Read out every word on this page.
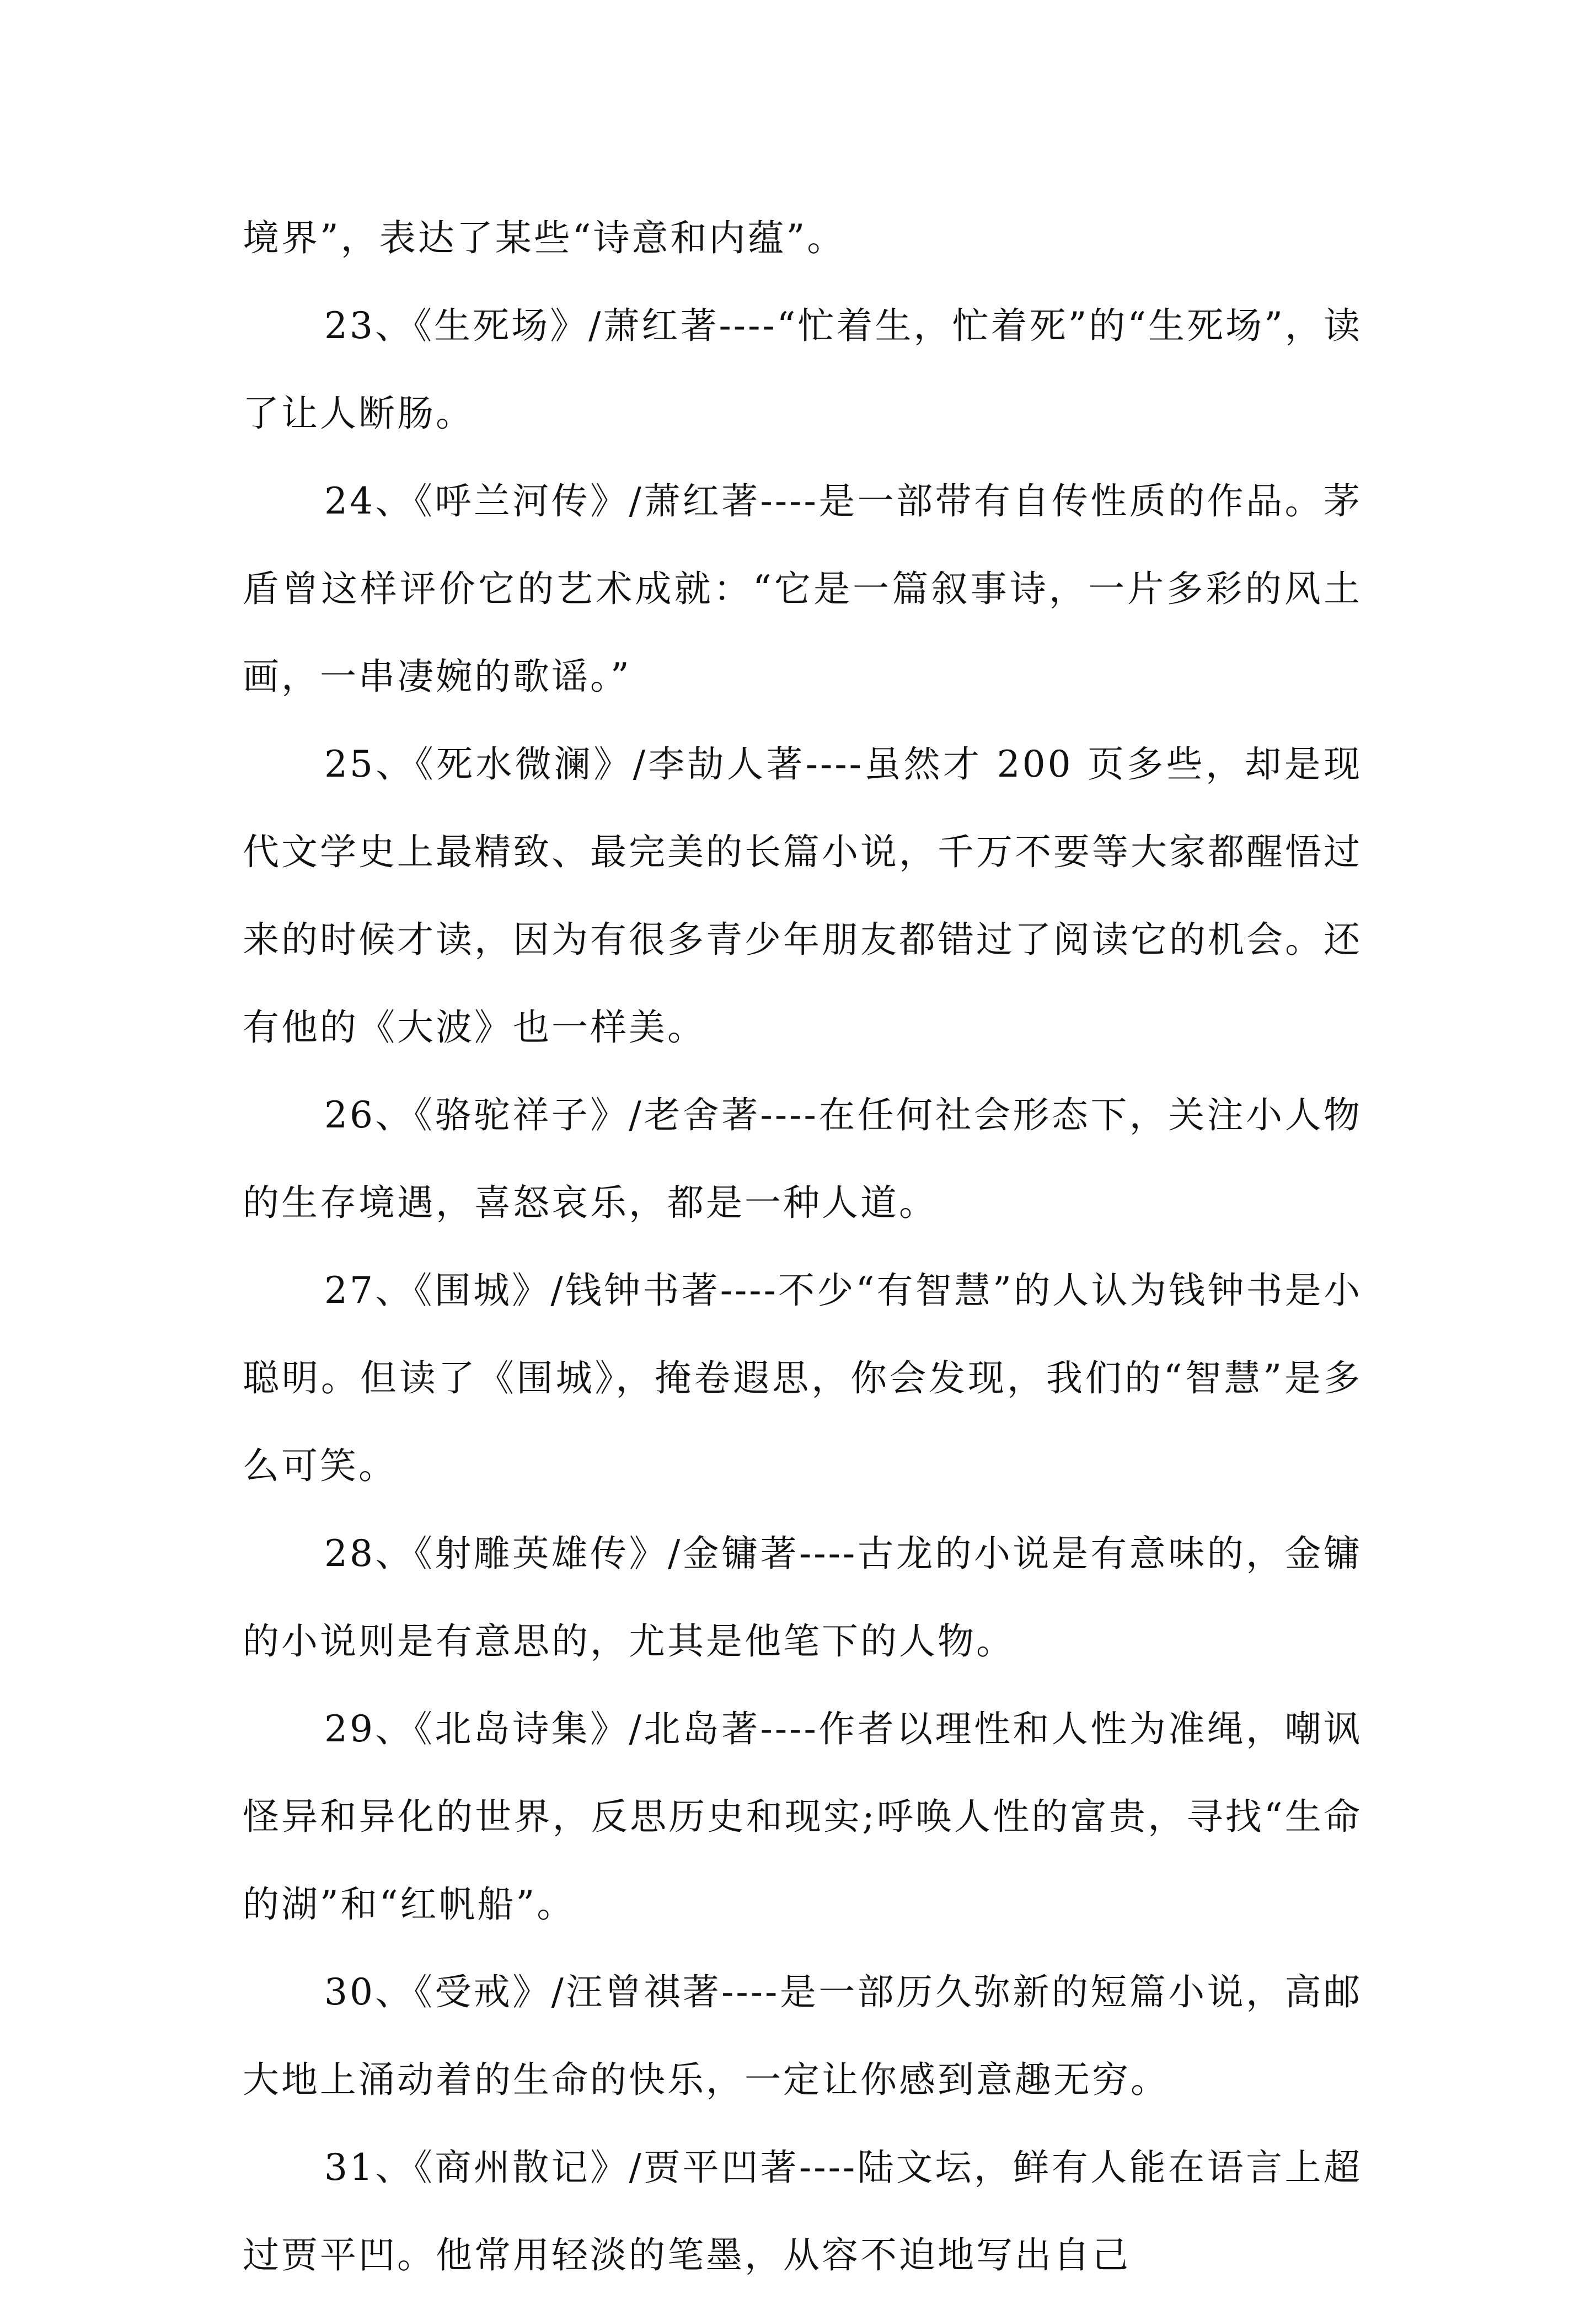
境界”，表达了某些“诗意和内蕴”。

23、《生死场》/萧红著----“忙着生，忙着死”的“生死场”，读了让人断肠。

24、《呼兰河传》/萧红著----是一部带有自传性质的作品。茅盾曾这样评价它的艺术成就：“它是一篇叙事诗，一片多彩的风土画，一串凄婉的歌谣。”

25、《死水微澜》/李劼人著----虽然才 200 页多些，却是现代文学史上最精致、最完美的长篇小说，千万不要等大家都醒悟过来的时候才读，因为有很多青少年朋友都错过了阅读它的机会。还有他的《大波》也一样美。

26、《骆驼祥子》/老舍著----在任何社会形态下，关注小人物的生存境遇，喜怒哀乐，都是一种人道。

27、《围城》/钱钟书著----不少“有智慧”的人认为钱钟书是小聪明。但读了《围城》，掩卷遐思，你会发现，我们的“智慧”是多么可笑。

28、《射雕英雄传》/金镛著----古龙的小说是有意味的，金镛的小说则是有意思的，尤其是他笔下的人物。

29、《北岛诗集》/北岛著----作者以理性和人性为准绳，嘲讽怪异和异化的世界，反思历史和现实;呼唤人性的富贵，寻找“生命的湖”和“红帆船”。

30、《受戒》/汪曾祺著----是一部历久弥新的短篇小说，高邮大地上涌动着的生命的快乐，一定让你感到意趣无穷。

31、《商州散记》/贾平凹著----陆文坛，鲜有人能在语言上超过贾平凹。他常用轻淡的笔墨，从容不迫地写出自己
